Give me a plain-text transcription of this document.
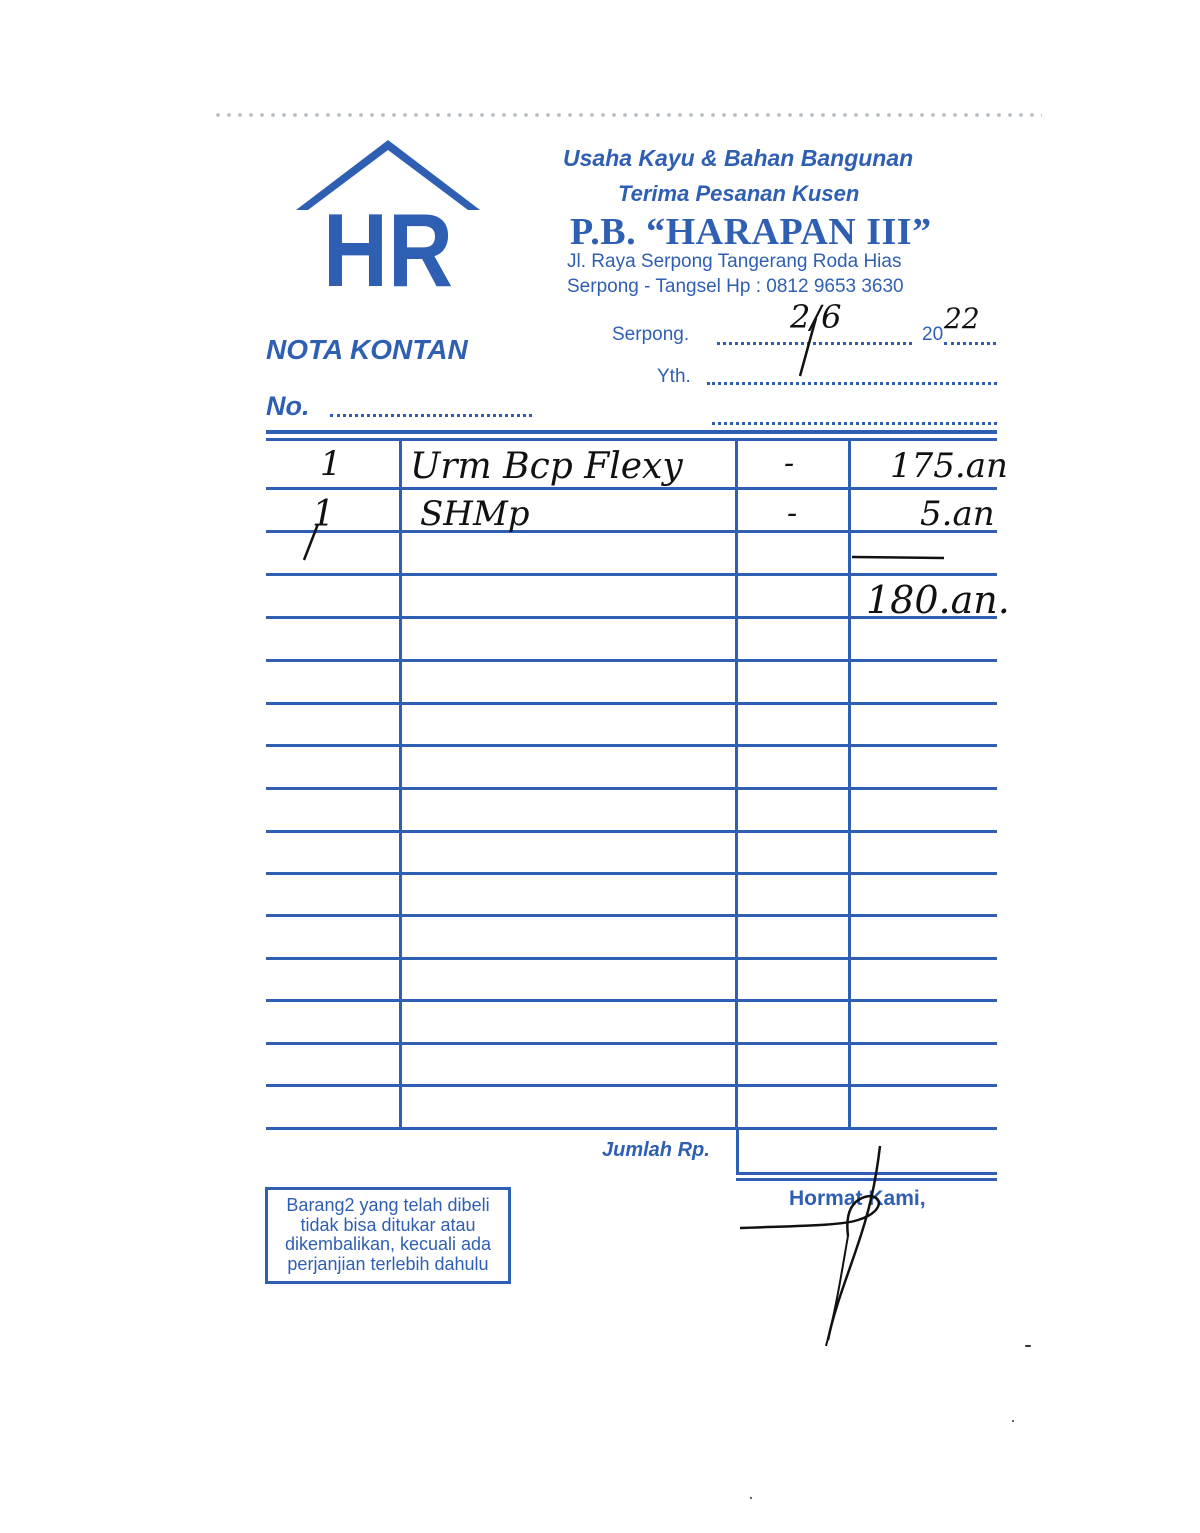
HR
Usaha Kayu & Bahan Bangunan
Terima Pesanan Kusen
P.B. “HARAPAN III”
Jl. Raya Serpong Tangerang Roda Hias
Serpong - Tangsel Hp : 0812 9653 3630
NOTA KONTAN	Serpong.	20
2/6	22
Yth.
No.
1 Urm Bcp Flexy	-	175.an
1	SHMp	-	5.an
180.an.
Jumlah Rp.
Barang2 yang telah dibeli
tidak bisa ditukar atau
dikembalikan, kecuali ada
perjanjian terlebih dahulu
Hormat Kami,
